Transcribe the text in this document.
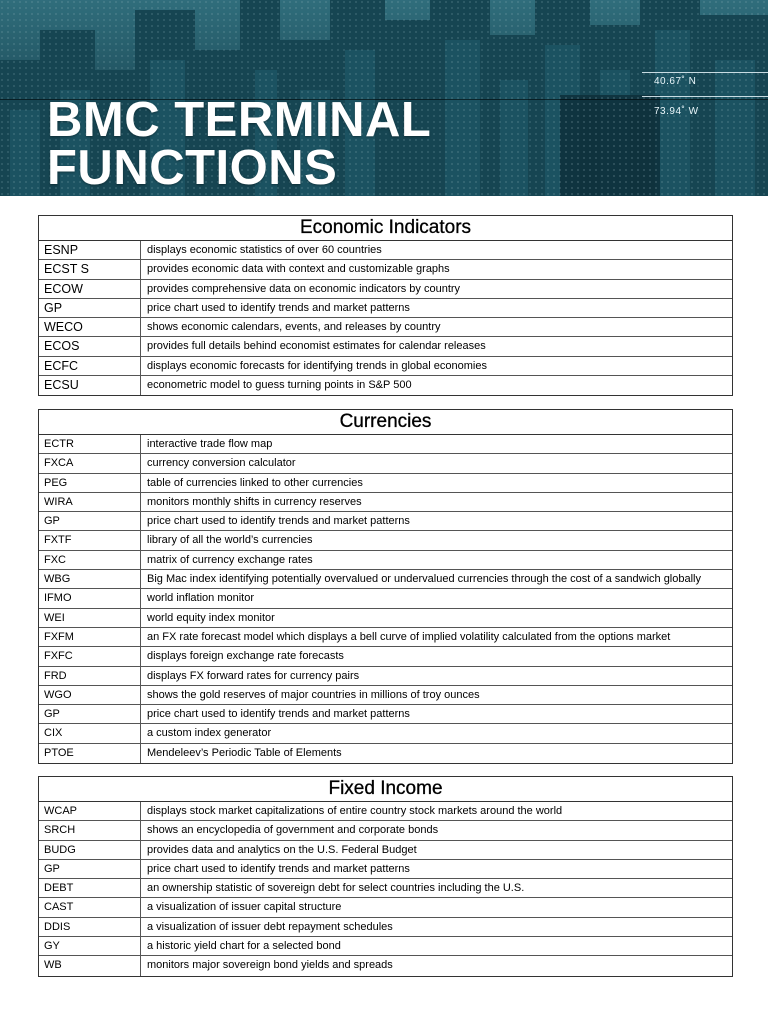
40.67˚ N
73.94˚ W
BMC TERMINAL
FUNCTIONS
Economic Indicators
ESNP	displays economic statistics of over 60 countries
ECST S	provides economic data with context and customizable graphs
ECOW	provides comprehensive data on economic indicators by country
GP	price chart used to identify trends and market patterns
WECO	shows economic calendars, events, and releases by country
ECOS	provides full details behind economist estimates for calendar releases
ECFC	displays economic forecasts for identifying trends in global economies
ECSU	econometric model to guess turning points in S&P 500
Currencies
ECTR	interactive trade flow map
FXCA	currency conversion calculator
PEG	table of currencies linked to other currencies
WIRA	monitors monthly shifts in currency reserves
GP	price chart used to identify trends and market patterns
FXTF	library of all the world’s currencies
FXC	matrix of currency exchange rates
WBG	Big Mac index identifying potentially overvalued or undervalued currencies through the cost of a sandwich globally
IFMO	world inflation monitor
WEI	world equity index monitor
FXFM	an FX rate forecast model which displays a bell curve of implied volatility calculated from the options market
FXFC	displays foreign exchange rate forecasts
FRD	displays FX forward rates for currency pairs
WGO	shows the gold reserves of major countries in millions of troy ounces
GP	price chart used to identify trends and market patterns
CIX	a custom index generator
PTOE	Mendeleev’s Periodic Table of Elements
Fixed Income
WCAP	displays stock market capitalizations of entire country stock markets around the world
SRCH	shows an encyclopedia of government and corporate bonds
BUDG	provides data and analytics on the U.S. Federal Budget
GP	price chart used to identify trends and market patterns
DEBT	an ownership statistic of sovereign debt for select countries including the U.S.
CAST	a visualization of issuer capital structure
DDIS	a visualization of issuer debt repayment schedules
GY	a historic yield chart for a selected bond
WB	monitors major sovereign bond yields and spreads
